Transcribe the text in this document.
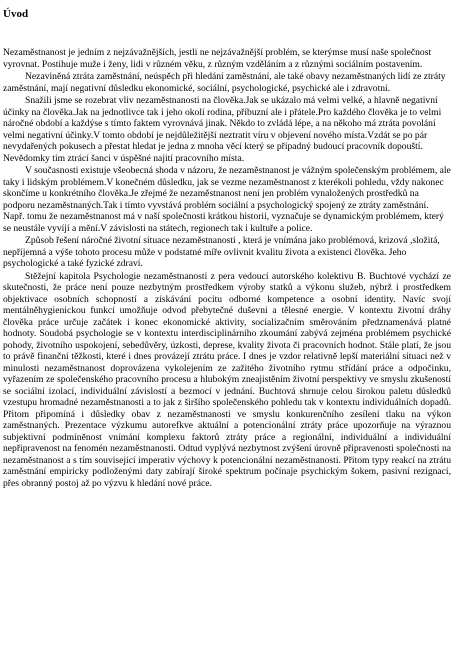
Úvod

Nezaměstnanost je jedním z nejzávažnějších, jestli ne nejzávažnější problém, se kterýmse musí naše společnost vyrovnat. Postihuje muže i ženy, lidi v různém věku, z různým vzděláním a z různými sociálním postavením.

Nezaviněná ztráta zaměstnání, neúspěch při hledání zaměstnání, ale také obavy nezaměstnaných lidí ze ztráty zaměstnání, mají negativní důsledku ekonomické, sociální, psychologické, psychické ale i zdravotní.

Snažili jsme se rozebrat vliv nezaměstnanosti na člověka.Jak se ukázalo má velmi velké, a hlavně negativní účinky na člověka.Jak na jednotlivce tak i jeho okolí rodina, příbuzní ale i přátele.Pro každého člověka je to velmi náročné období a každýse s tímto faktem vyrovnává jinak. Někdo to zvládá lépe, a na někoho má ztráta povolání velmi negativní účinky.V tomto období je nejdůležitější neztratit víru v objevení nového místa.Vzdát se po pár nevydařených pokusech a přestat hledat je jedna z mnoha věcí který se případný budoucí pracovník dopouští. Nevědomky tím ztrácí šanci v úspěšné najití pracovního místa.

V současnosti existuje všeobecná shoda v názoru, že nezaměstnanost je vážným společenským problémem, ale taky i lidským problémem.V konečném důsledku, jak se vezme nezaměstnanost z kterékoli pohledu, vždy nakonec skončíme u konkrétního člověka.Je zřejmé že nezaměstnanost není jen problém vynaložených prostředků na podporu nezaměstnaných.Tak i tímto vyvstává problém sociální a psychologický spojený ze ztráty zaměstnání. Např. tomu že nezaměstnanost má v naší společnosti krátkou historii, vyznačuje se dynamickým problémem, který se neustále vyvíjí a mění.V závislosti na státech, regionech tak i kultuře a police.

Způsob řešení náročné životní situace nezaměstnanosti , která je vnímána jako problémová, krizová ,složitá, nepříjemná a výše tohoto procesu může v podstatné míře ovlivnit kvalitu života a existenci člověka. Jeho psychologické a také fyzické zdraví.

Stěžejní kapitola Psychologie nezaměstnanosti z pera vedoucí autorského kolektivu B. Buchtové vychází ze skutečnosti, že práce není pouze nezbytným prostředkem výroby statků a výkonu služeb, nýbrž i prostředkem objektivace osobních schopností a získávání pocitu odborné kompetence a osobní identity. Navíc svojí mentálněhygienickou funkcí umožňuje odvod přebytečné duševní a tělesné energie. V kontextu životní dráhy člověka práce určuje začátek i konec ekonomické aktivity, socializačním směrováním předznamenává platné hodnoty. Soudobá psychologie se v kontextu interdisciplinárního zkoumání zabývá zejména problémem psychické pohody, životního uspokojení, sebedůvěry, úzkosti, deprese, kvality života či pracovních hodnot. Stále platí, že jsou to právě finanční těžkosti, které i dnes provázejí ztrátu práce. I dnes je vzdor relativně lepší materiální situaci než v minulosti nezaměstnanost doprovázena vykolejením ze zažitého životního rytmu střídání práce a odpočinku, vyřazením ze společenského pracovního procesu a hlubokým zneajistěním životní perspektivy ve smyslu zkušeností se sociální izolací, individuální závislostí a bezmocí v jednání. Buchtová shrnuje celou širokou paletu důsledků vzestupu hromadné nezaměstnanosti a to jak z širšího společenského pohledu tak v kontextu individuálních dopadů. Přitom připomíná i důsledky obav z nezaměstnanosti ve smyslu konkurenčního zesílení tlaku na výkon zaměstnaných. Prezentace výzkumu autorefkve aktuální a potencionální ztráty práce upozorňuje na výraznou subjektivní podmíněnost vnímání komplexu faktorů ztráty práce a regionální, individuální a individuální nepřipravenost na fenomén nezaměstnanosti. Odtud vyplývá nezbytnost zvýšení úrovně připravenosti společnosti na nezaměstnanost a s tím související imperativ výchovy k potencionální nezaměstnanosti. Přitom typy reakcí na ztrátu zaměstnání empiricky podloženými daty zabírají široké spektrum počínaje psychickým šokem, pasivní rezignací, přes obranný postoj až po výzvu k hledání nové práce.
